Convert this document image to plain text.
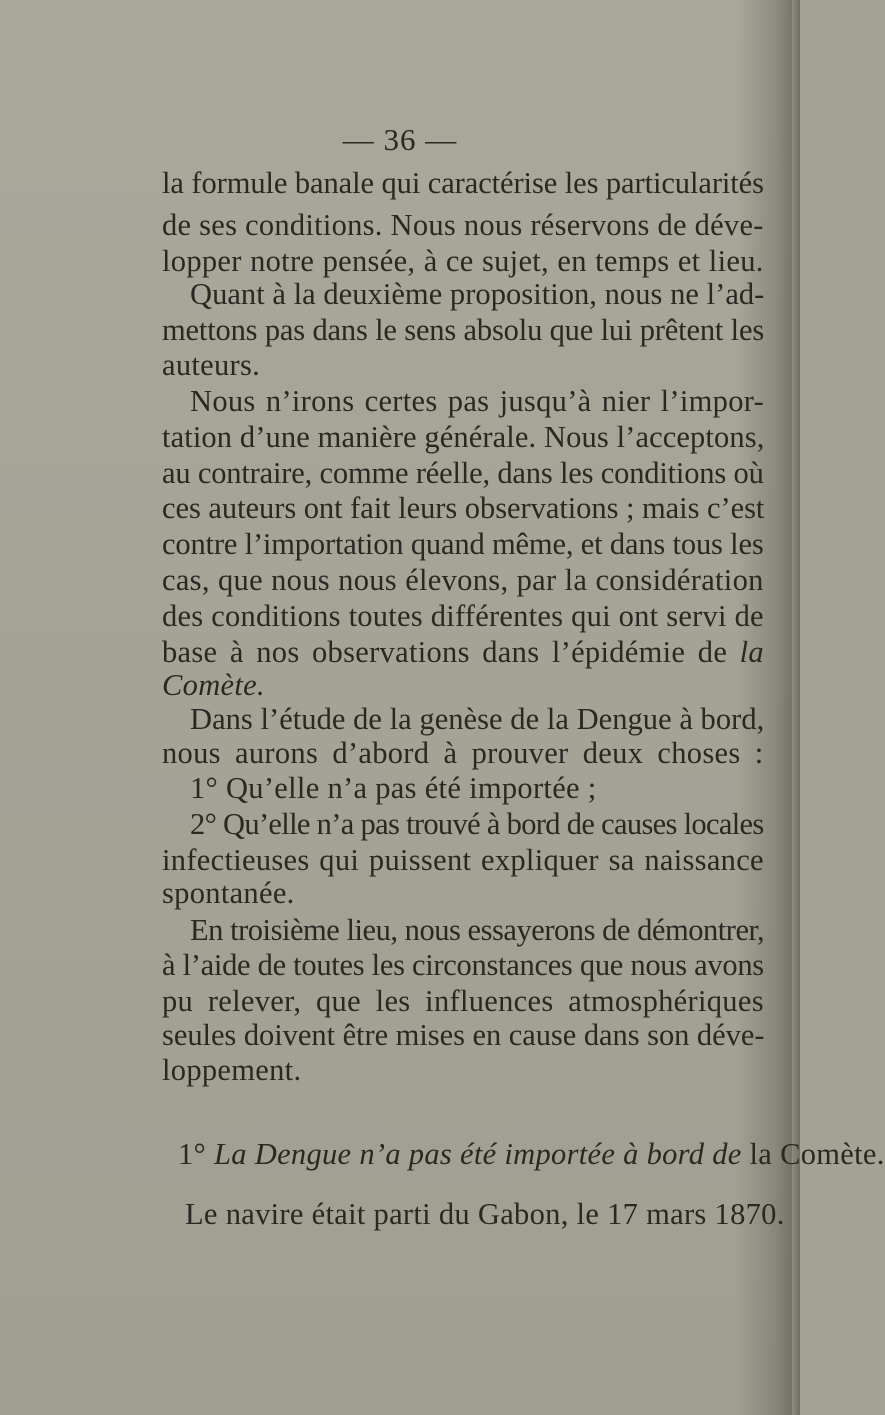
— 36 —
la formule banale qui caractérise les particularités
de ses conditions. Nous nous réservons de déve-
lopper notre pensée, à ce sujet, en temps et lieu.
Quant à la deuxième proposition, nous ne l’ad-
mettons pas dans le sens absolu que lui prêtent les
auteurs.
Nous n’irons certes pas jusqu’à nier l’impor-
tation d’une manière générale. Nous l’acceptons,
au contraire, comme réelle, dans les conditions où
ces auteurs ont fait leurs observations ; mais c’est
contre l’importation quand même, et dans tous les
cas, que nous nous élevons, par la considération
des conditions toutes différentes qui ont servi de
base à nos observations dans l’épidémie de la
Comète.
Dans l’étude de la genèse de la Dengue à bord,
nous aurons d’abord à prouver deux choses :
1° Qu’elle n’a pas été importée ;
2° Qu’elle n’a pas trouvé à bord de causes locales
infectieuses qui puissent expliquer sa naissance
spontanée.
En troisième lieu, nous essayerons de démontrer,
à l’aide de toutes les circonstances que nous avons
pu relever, que les influences atmosphériques
seules doivent être mises en cause dans son déve-
loppement.
1° La Dengue n’a pas été importée à bord de la Comète.
Le navire était parti du Gabon, le 17 mars 1870.
